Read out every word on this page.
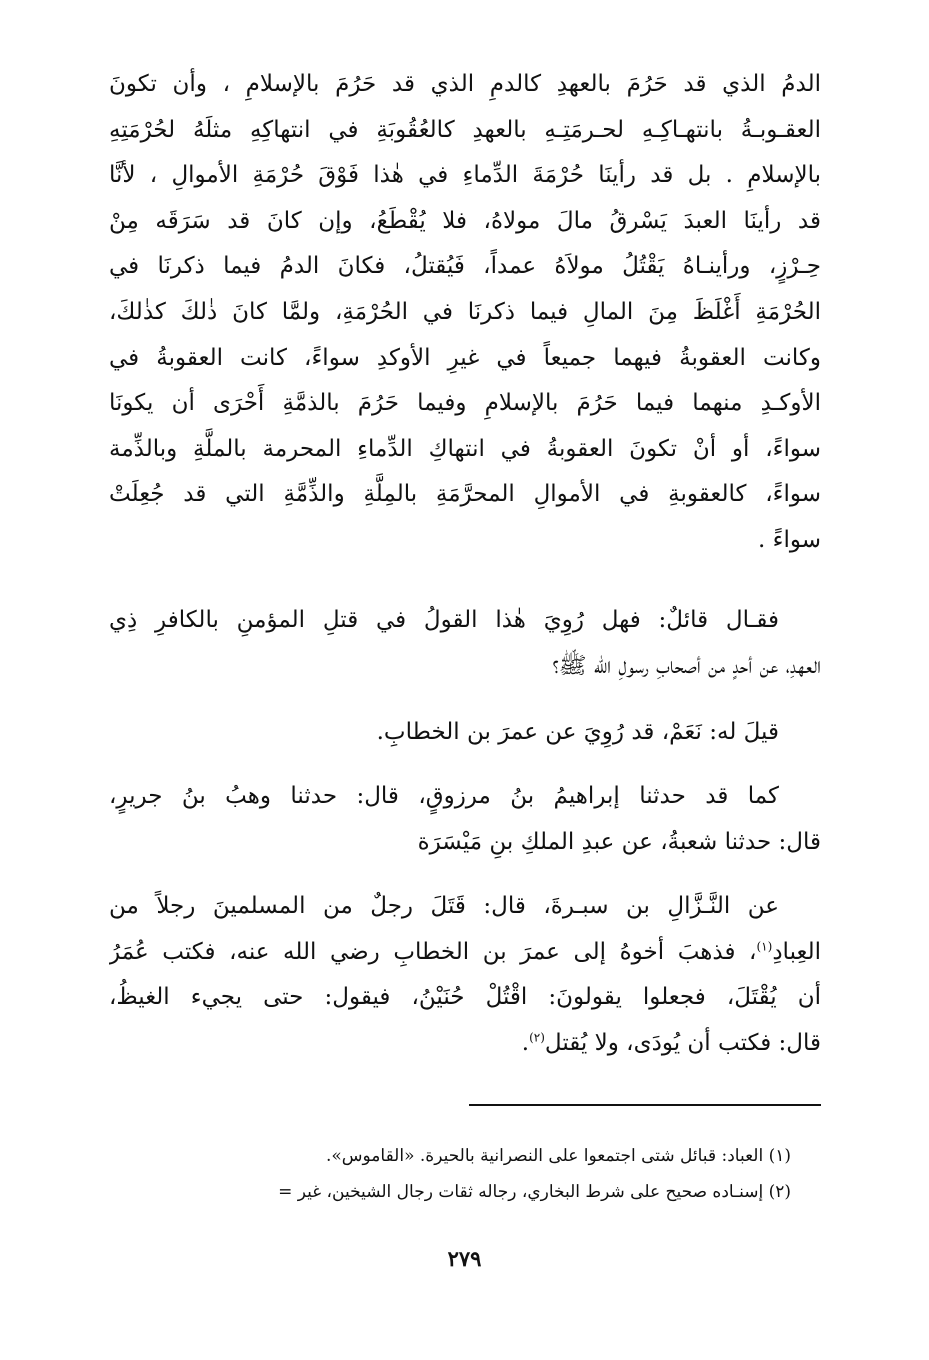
الدمُ الذي قد حَرُمَ بالعهدِ كالدمِ الذي قد حَرُمَ بالإسلامِ ، وأن تكونَ
العقـوبـةُ بانتهـاكِـهِ لحـرمَتِـهِ بالعهدِ كالعُقُوبَةِ في انتهاكِهِ مثلَهُ لحُرْمَتِهِ
بالإسلامِ . بل قد رأينَا حُرْمَةَ الدِّماءِ في هٰذا فَوْقَ حُرْمَةِ الأموالِ ، لأنَّا
قد رأينَا العبدَ يَسْرقُ مالَ مولاهُ، فلا يُقْطَعُ، وإن كانَ قد سَرَقَه مِنْ
حِـرْزٍ، ورأينـاهُ يَقْتُلُ مولاَهُ عمداً، فَيُقتلُ، فكانَ الدمُ فيما ذكرنَا في
الحُرْمَةِ أَغْلَظَ مِنَ المالِ فيما ذكرنَا في الحُرْمَةِ، ولمَّا كانَ ذٰلكَ كذٰلكَ،
وكانت العقوبةُ فيهما جميعاً في غيرِ الأوكدِ سواءً، كانت العقوبةُ في
الأوكـدِ منهما فيما حَرُمَ بالإسلامِ وفيما حَرُمَ بالذمَّةِ أَحْرَى أن يكونَا
سواءً، أو أنْ تكونَ العقوبةُ في انتهاكِ الدِّماءِ المحرمة بالملَّةِ وبالذِّمة
سواءً، كالعقوبةِ في الأموالِ المحرَّمَةِ بالمِلَّةِ والذِّمَّةِ التي قد جُعِلَتْ
سواءً .
فقـال قائلٌ: فهل رُوِيَ هٰذا القولُ في قتلِ المؤمنِ بالكافرِ ذِي
العهدِ، عن أحدٍ من أصحابِ رسولِ الله ﷺ؟
قيلَ له: نَعَمْ، قد رُوِيَ عن عمرَ بن الخطابِ.
كما قد حدثنا إبراهيمُ بنُ مرزوقٍ، قال: حدثنا وهبُ بنُ جريرٍ،
قال: حدثنا شعبةُ، عن عبدِ الملكِ بنِ مَيْسَرَة
عن النَّـزَّالِ بن سبـرةَ، قال: قَتَلَ رجلٌ من المسلمينَ رجلاً من
العِبادِ$^{(١)}$، فذهبَ أخوهُ إلى عمرَ بن الخطابِ رضي الله عنه، فكتب عُمَرُ
أن يُقْتَلَ، فجعلوا يقولونَ: اقْتُلْ حُنَيْنُ، فيقول: حتى يجيء الغيظُ،
قال: فكتب أن يُودَى، ولا يُقتل$^{(٢)}$.
(١) العباد: قبائل شتى اجتمعوا على النصرانية بالحيرة. «القاموس».
(٢) إسنـاده صحيح على شرط البخاري، رجاله ثقات رجال الشيخين، غير =
٢٧٩
